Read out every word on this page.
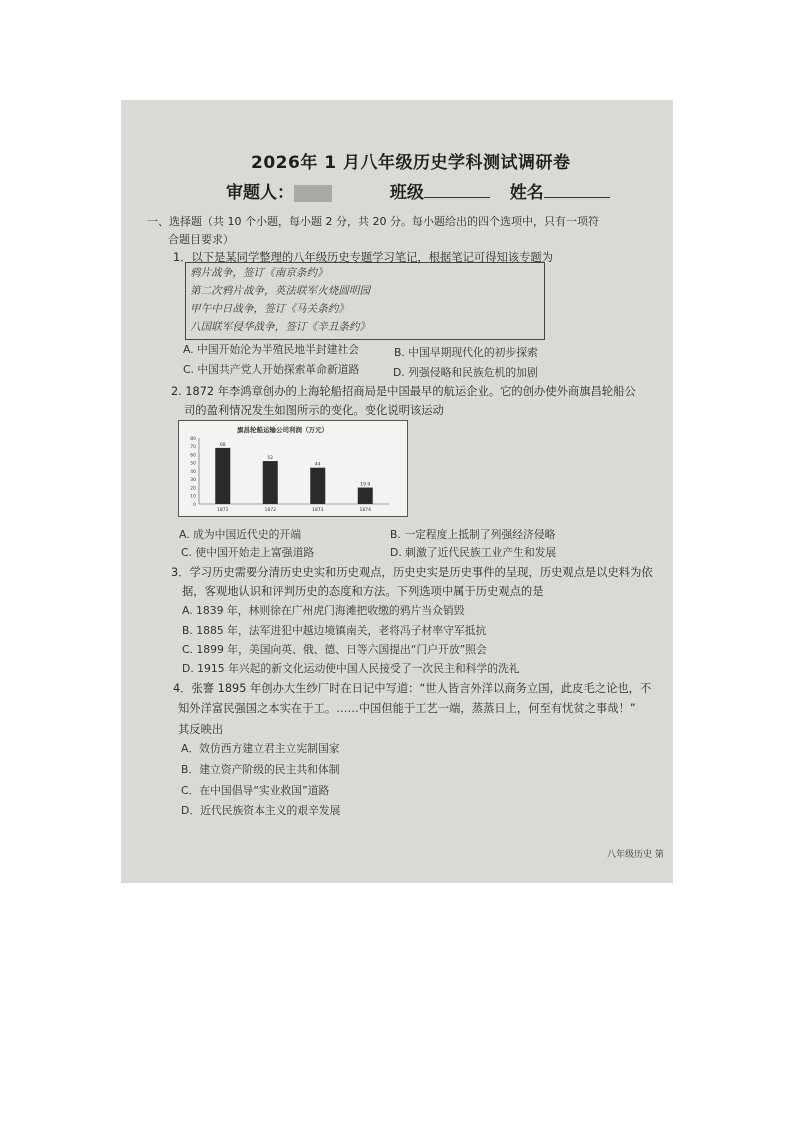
2026年 1 月八年级历史学科测试调研卷
审题人：	班级	姓名
一、选择题（共 10 个小题，每小题 2 分，共 20 分。每小题给出的四个选项中，只有一项符
合题目要求）
1．以下是某同学整理的八年级历史专题学习笔记，根据笔记可得知该专题为
鸦片战争，签订《南京条约》
第二次鸦片战争，英法联军火烧圆明园
甲午中日战争，签订《马关条约》
八国联军侵华战争，签订《辛丑条约》
A. 中国开始沦为半殖民地半封建社会	B. 中国早期现代化的初步探索
C. 中国共产党人开始探索革命新道路	D. 列强侵略和民族危机的加剧
2. 1872 年李鸿章创办的上海轮船招商局是中国最早的航运企业。它的创办使外商旗昌轮船公
司的盈利情况发生如图所示的变化。变化说明该运动
旗昌轮船运输公司利润（万元）
80
70
60
50
40
30
20
10
0
68
1871
52
1872
44
1873
19.9
1874
A. 成为中国近代史的开端	B. 一定程度上抵制了列强经济侵略
C. 使中国开始走上富强道路	D. 刺激了近代民族工业产生和发展
3．学习历史需要分清历史史实和历史观点，历史史实是历史事件的呈现，历史观点是以史料为依
据，客观地认识和评判历史的态度和方法。下列选项中属于历史观点的是
A. 1839 年，林则徐在广州虎门海滩把收缴的鸦片当众销毁
B. 1885 年，法军进犯中越边境镇南关，老将冯子材率守军抵抗
C. 1899 年，美国向英、俄、德、日等六国提出“门户开放”照会
D. 1915 年兴起的新文化运动使中国人民接受了一次民主和科学的洗礼
4．张謇 1895 年创办大生纱厂时在日记中写道：“世人皆言外洋以商务立国，此皮毛之论也，不
知外洋富民强国之本实在于工。……中国但能于工艺一端，蒸蒸日上，何至有忧贫之事哉！”
其反映出
A．效仿西方建立君主立宪制国家
B．建立资产阶级的民主共和体制
C．在中国倡导“实业救国”道路
D．近代民族资本主义的艰辛发展
八年级历史 第
